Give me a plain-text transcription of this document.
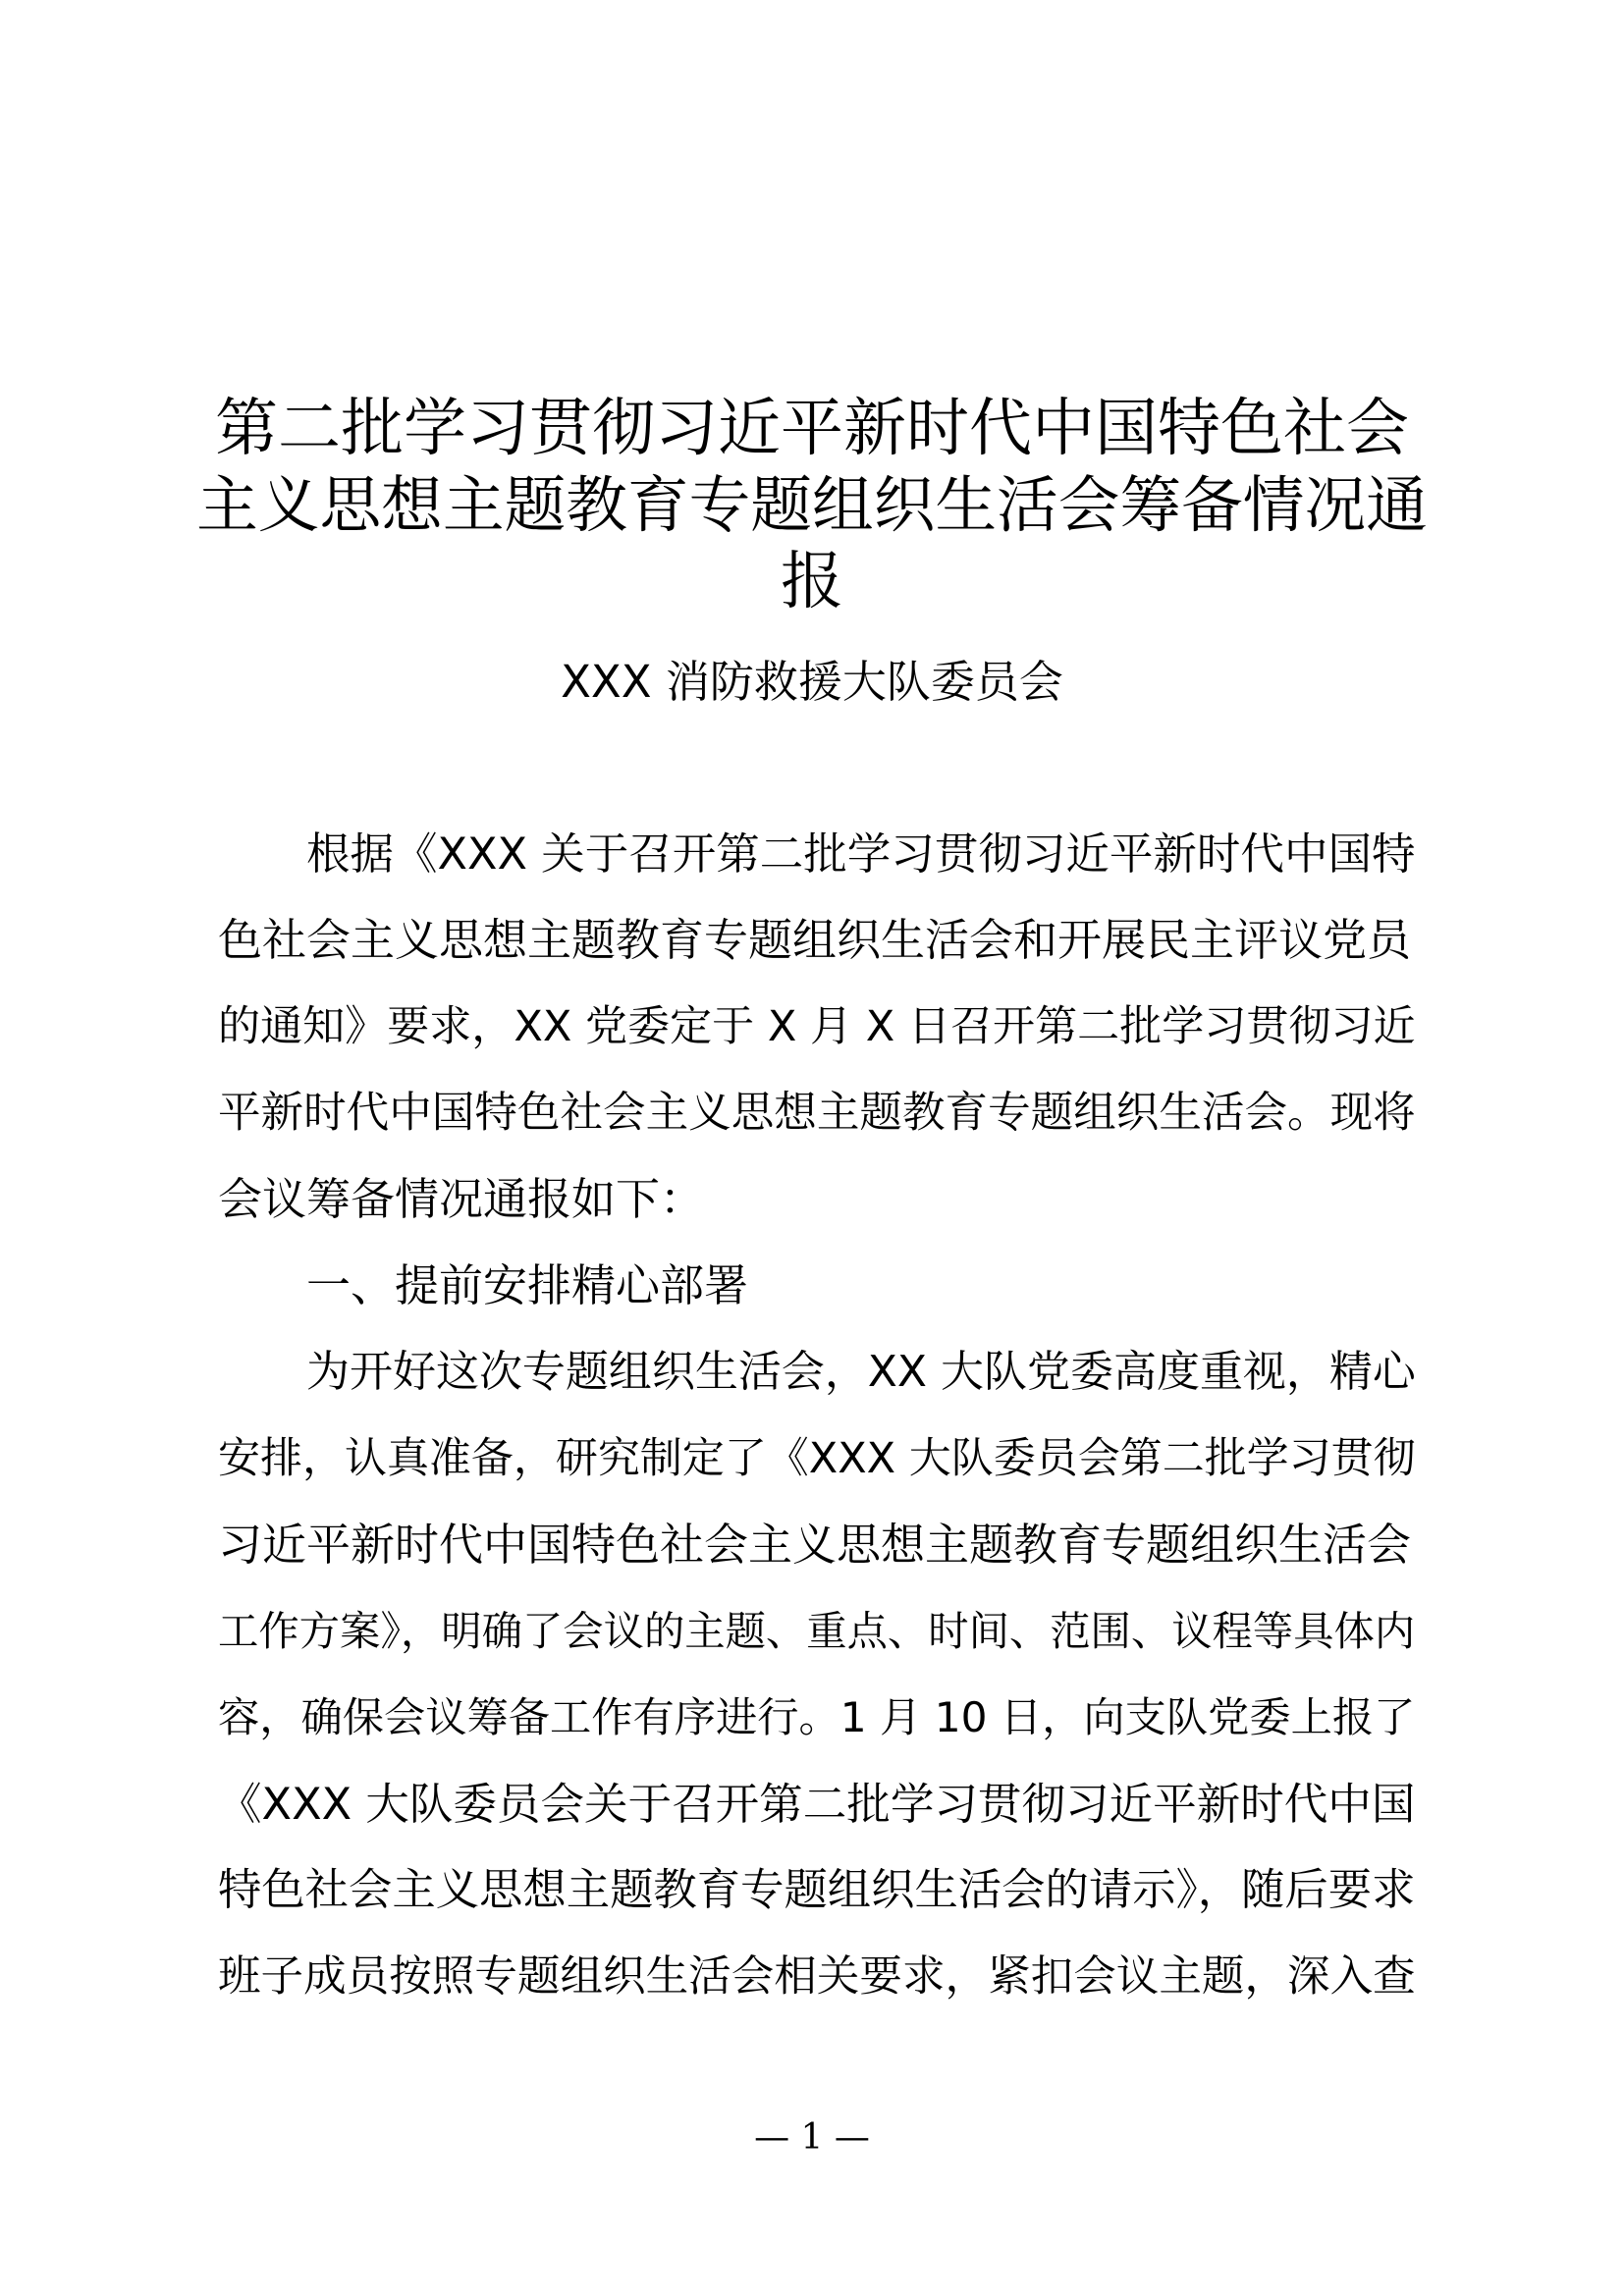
第二批学习贯彻习近平新时代中国特色社会
主义思想主题教育专题组织生活会筹备情况通
报
XXX 消防救援大队委员会
根据《XXX 关于召开第二批学习贯彻习近平新时代中国特
色社会主义思想主题教育专题组织生活会和开展民主评议党员
的通知》要求，XX 党委定于 X 月 X 日召开第二批学习贯彻习近
平新时代中国特色社会主义思想主题教育专题组织生活会。现将
会议筹备情况通报如下：
一、提前安排精心部署
为开好这次专题组织生活会，XX 大队党委高度重视，精心
安排，认真准备，研究制定了《XXX 大队委员会第二批学习贯彻
习近平新时代中国特色社会主义思想主题教育专题组织生活会
工作方案》，明确了会议的主题、重点、时间、范围、议程等具体内
容，确保会议筹备工作有序进行。1 月 10 日，向支队党委上报了
《XXX 大队委员会关于召开第二批学习贯彻习近平新时代中国
特色社会主义思想主题教育专题组织生活会的请示》，随后要求
班子成员按照专题组织生活会相关要求，紧扣会议主题，深入查
— 1 —
